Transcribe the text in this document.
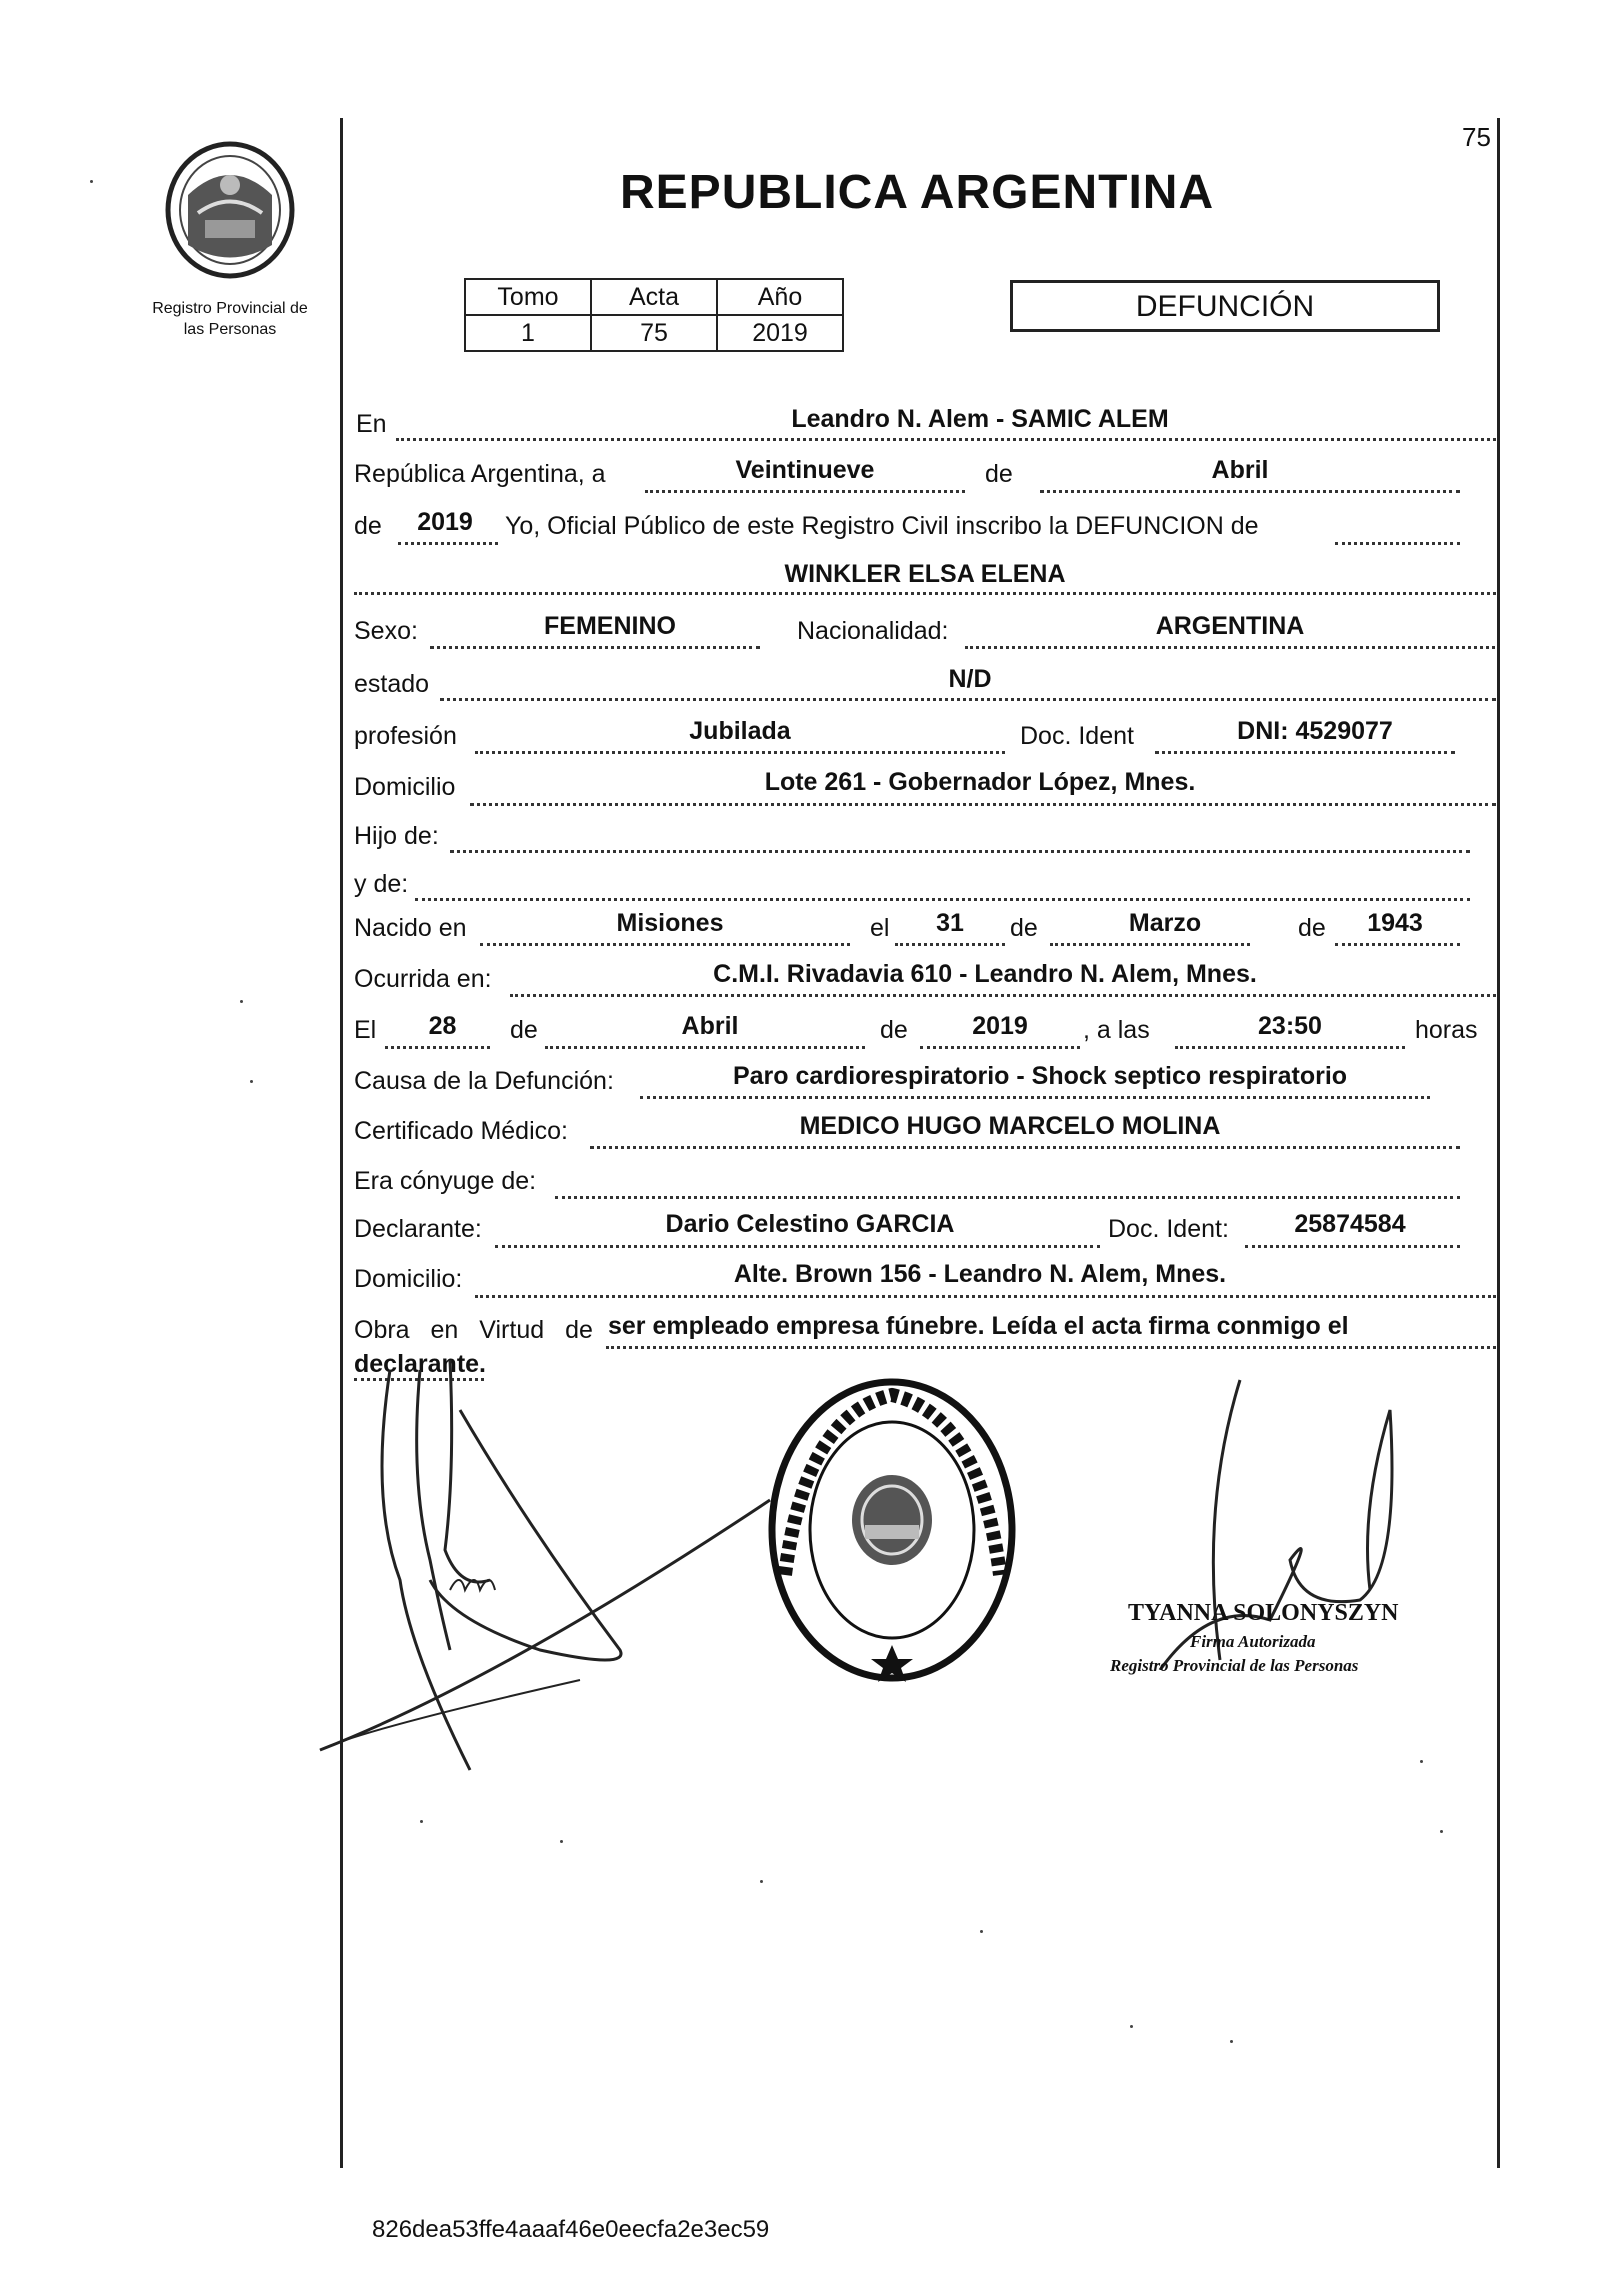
Registro Provincial de
las Personas
75
REPUBLICA ARGENTINA
Tomo	Acta	Año
1	75	2019
DEFUNCIÓN
En	Leandro N. Alem - SAMIC ALEM
República Argentina, a	Veintinueve	de	Abril
de	2019	Yo, Oficial Público de este Registro Civil inscribo la DEFUNCION de
WINKLER ELSA ELENA
Sexo:	FEMENINO	Nacionalidad:	ARGENTINA
estado	N/D
profesión	Jubilada	Doc. Ident	DNI: 4529077
Domicilio	Lote 261 - Gobernador López, Mnes.
Hijo de:
y de:
Nacido en	Misiones	el	31	de	Marzo	de	1943
Ocurrida en:	C.M.I. Rivadavia 610 - Leandro N. Alem, Mnes.
El	28	de	Abril	de	2019	, a las	23:50	horas
Causa de la Defunción:	Paro cardiorespiratorio - Shock septico respiratorio
Certificado Médico:	MEDICO HUGO MARCELO MOLINA
Era cónyuge de:
Declarante:	Dario Celestino GARCIA	Doc. Ident:	25874584
Domicilio:	Alte. Brown 156 - Leandro N. Alem, Mnes.
Obra en Virtud de ser empleado empresa fúnebre. Leída el acta firma conmigo el
declarante.
TYANNA SOLONYSZYN
Firma Autorizada
Registro Provincial de las Personas
826dea53ffe4aaaf46e0eecfa2e3ec59
